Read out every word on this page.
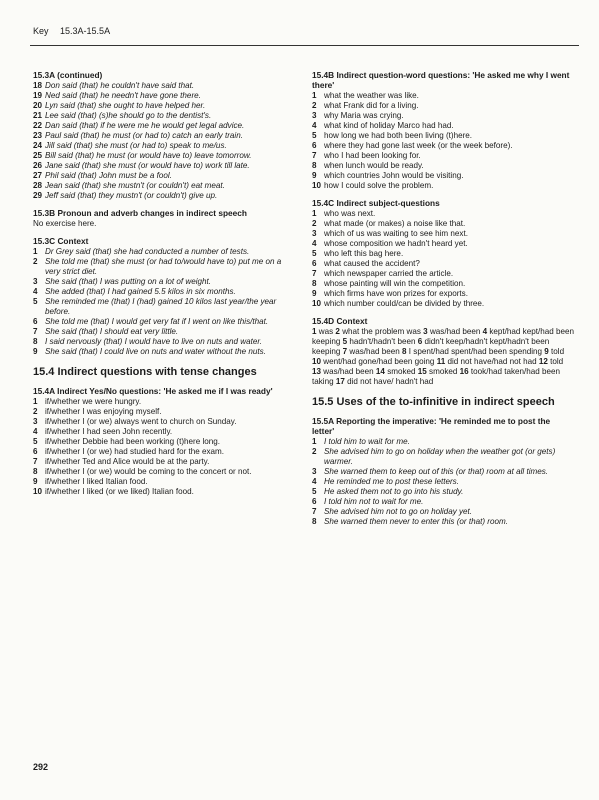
Key 15.3A-15.5A
15.3A (continued)

18 Don said (that) he couldn't have said that.

19 Ned said (that) he needn't have gone there.

20 Lyn said (that) she ought to have helped her.

21 Lee said (that) (s)he should go to the dentist's.

22 Dan said (that) if he were me he would get legal advice.

23 Paul said (that) he must (or had to) catch an early train.

24 Jill said (that) she must (or had to) speak to me/us.

25 Bill said (that) he must (or would have to) leave tomorrow.

26 Jane said (that) she must (or would have to) work till late.

27 Phil said (that) John must be a fool.

28 Jean said (that) she mustn't (or couldn't) eat meat.

29 Jeff said (that) they mustn't (or couldn't) give up.

15.3B Pronoun and adverb changes in indirect speech

No exercise here.

15.3C Context

1 Dr Grey said (that) she had conducted a number of tests.

2 She told me (that) she must (or had to/would have to) put me on a very strict diet.

3 She said (that) I was putting on a lot of weight.

4 She added (that) I had gained 5.5 kilos in six months.

5 She reminded me (that) I (had) gained 10 kilos last year/the year before.

6 She told me (that) I would get very fat if I went on like this/that.

7 She said (that) I should eat very little.

8 I said nervously (that) I would have to live on nuts and water.

9 She said (that) I could live on nuts and water without the nuts.

15.4 Indirect questions with tense changes
15.4A Indirect Yes/No questions: 'He asked me if I was ready'

1 if/whether we were hungry.

2 if/whether I was enjoying myself.

3 if/whether I (or we) always went to church on Sunday.

4 if/whether I had seen John recently.

5 if/whether Debbie had been working (t)here long.

6 if/whether I (or we) had studied hard for the exam.

7 if/whether Ted and Alice would be at the party.

8 if/whether I (or we) would be coming to the concert or not.

9 if/whether I liked Italian food.

10 if/whether I liked (or we liked) Italian food.

15.4B Indirect question-word questions: 'He asked me why I went there'

1 what the weather was like.

2 what Frank did for a living.

3 why Maria was crying.

4 what kind of holiday Marco had had.

5 how long we had both been living (t)here.

6 where they had gone last week (or the week before).

7 who I had been looking for.

8 when lunch would be ready.

9 which countries John would be visiting.

10 how I could solve the problem.

15.4C Indirect subject-questions

1 who was next.

2 what made (or makes) a noise like that.

3 which of us was waiting to see him next.

4 whose composition we hadn't heard yet.

5 who left this bag here.

6 what caused the accident?

7 which newspaper carried the article.

8 whose painting will win the competition.

9 which firms have won prizes for exports.

10 which number could/can be divided by three.

15.4D Context

1 was 2 what the problem was 3 was/had been 4 kept/had kept/had been keeping 5 hadn't/hadn't been 6 didn't keep/hadn't kept/hadn't been keeping 7 was/had been 8 I spent/had spent/had been spending 9 told 10 went/had gone/had been going 11 did not have/had not had 12 told 13 was/had been 14 smoked 15 smoked 16 took/had taken/had been taking 17 did not have/ hadn't had

15.5 Uses of the to-infinitive in indirect speech
15.5A Reporting the imperative: 'He reminded me to post the letter'

1 I told him to wait for me.

2 She advised him to go on holiday when the weather got (or gets) warmer.

3 She warned them to keep out of this (or that) room at all times.

4 He reminded me to post these letters.

5 He asked them not to go into his study.

6 I told him not to wait for me.

7 She advised him not to go on holiday yet.

8 She warned them never to enter this (or that) room.

292
